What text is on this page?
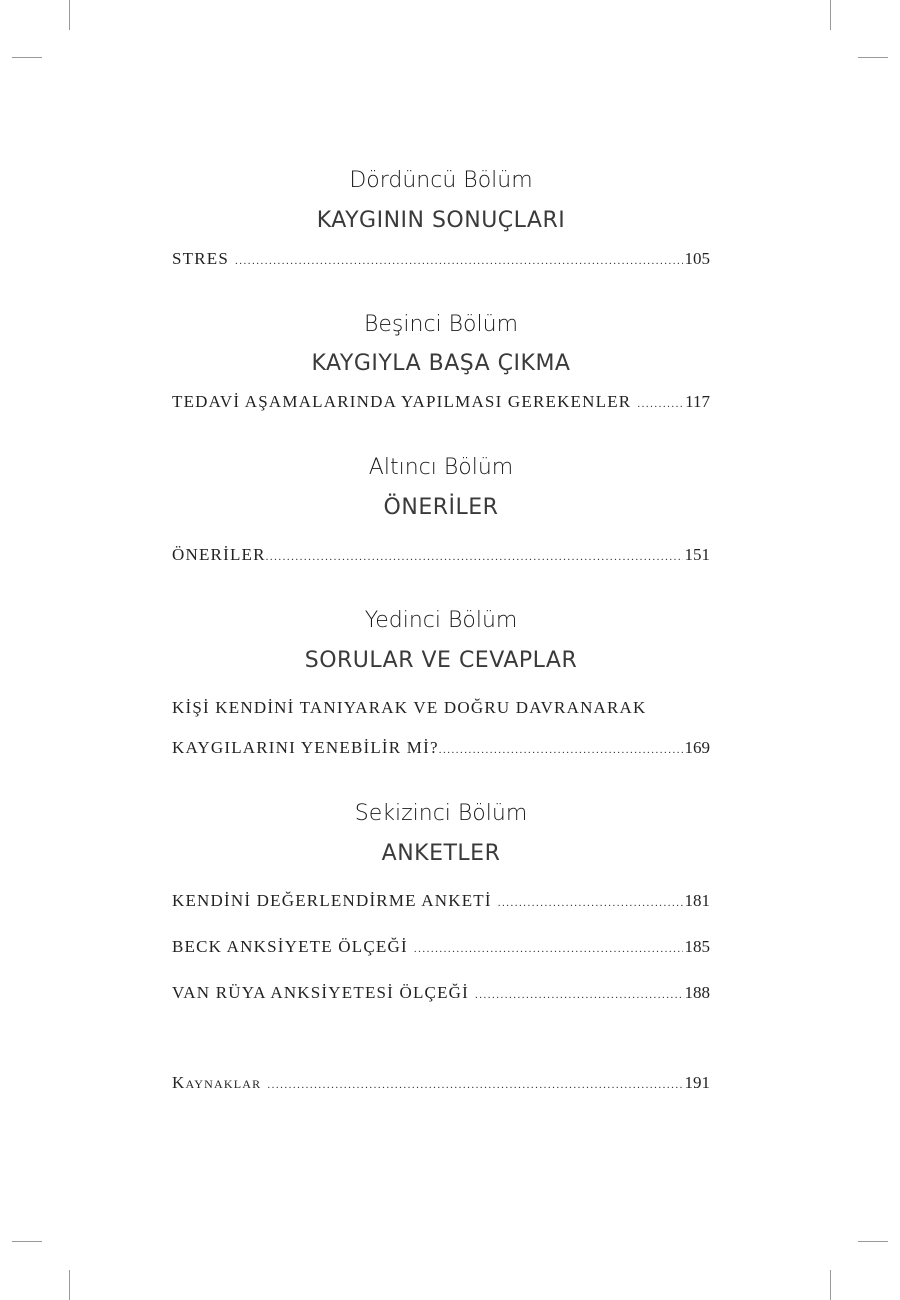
Dördüncü Bölüm
KAYGININ SONUÇLARI
STRES .....	105
Beşinci Bölüm
KAYGIYLA BAŞA ÇIKMA
TEDAVİ AŞAMALARINDA YAPILMASI GEREKENLER .....	117
Altıncı Bölüm
ÖNERİLER
ÖNERİLER .....	151
Yedinci Bölüm
SORULAR VE CEVAPLAR
KİŞİ KENDİNİ TANIYARAK VE DOĞRU DAVRANARAK
KAYGILARINI YENEBİLİR Mİ? .....	169
Sekizinci Bölüm
ANKETLER
KENDİNİ DEĞERLENDİRME ANKETİ .....	181
BECK ANKSİYETE ÖLÇEĞİ .....	185
VAN RÜYA ANKSİYETESİ ÖLÇEĞİ .....	188
Kaynaklar .....	191
